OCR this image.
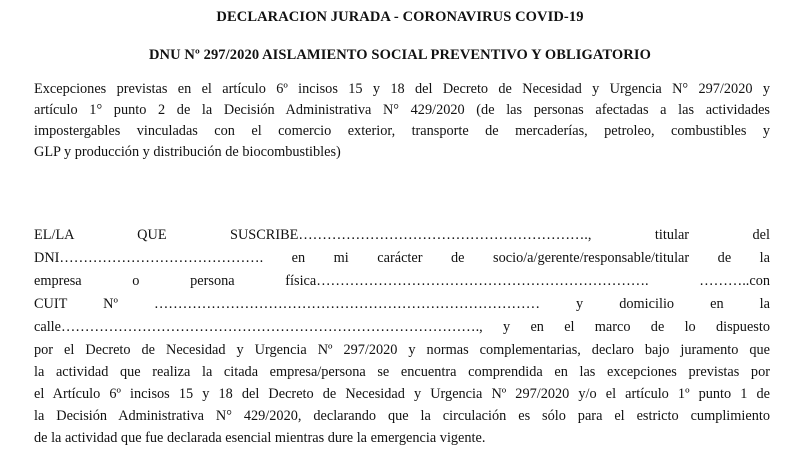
DECLARACION JURADA - CORONAVIRUS COVID-19
DNU Nº 297/2020 AISLAMIENTO SOCIAL PREVENTIVO Y OBLIGATORIO
Excepciones previstas en el artículo 6º incisos 15 y 18 del Decreto de Necesidad y Urgencia N° 297/2020 y
artículo 1° punto 2 de la Decisión Administrativa N° 429/2020 (de las personas afectadas a las actividades
impostergables vinculadas con el comercio exterior, transporte de mercaderías, petroleo, combustibles y
GLP y producción y distribución de biocombustibles)
EL/LA QUE SUSCRIBE……………………………………………………., titular del
DNI……………………………………. en mi carácter de socio/a/gerente/responsable/titular de la
empresa o persona física……………………………………………………………. ………..con
CUIT Nº ……………………………………………………………………… y domicilio en la
calle……………………………………………………………………………., y en el marco de lo dispuesto
por el Decreto de Necesidad y Urgencia Nº 297/2020 y normas complementarias, declaro bajo juramento que
la actividad que realiza la citada empresa/persona se encuentra comprendida en las excepciones previstas por
el Artículo 6º incisos 15 y 18 del Decreto de Necesidad y Urgencia Nº 297/2020 y/o el artículo 1º punto 1 de
la Decisión Administrativa N° 429/2020, declarando que la circulación es sólo para el estricto cumplimiento
de la actividad que fue declarada esencial mientras dure la emergencia vigente.
